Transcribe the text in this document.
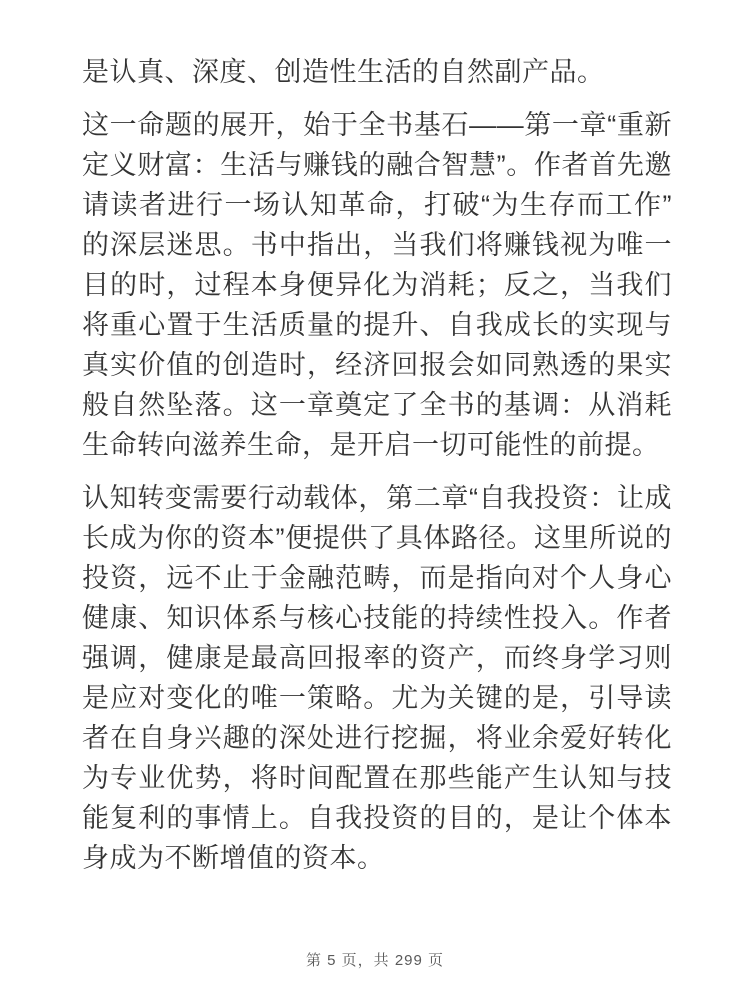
是认真、深度、创造性生活的自然副产品。

这一命题的展开，始于全书基石——第一章“重新定义财富：生活与赚钱的融合智慧”。作者首先邀请读者进行一场认知革命，打破“为生存而工作”的深层迷思。书中指出，当我们将赚钱视为唯一目的时，过程本身便异化为消耗；反之，当我们将重心置于生活质量的提升、自我成长的实现与真实价值的创造时，经济回报会如同熟透的果实般自然坠落。这一章奠定了全书的基调：从消耗生命转向滋养生命，是开启一切可能性的前提。

认知转变需要行动载体，第二章“自我投资：让成长成为你的资本”便提供了具体路径。这里所说的投资，远不止于金融范畴，而是指向对个人身心健康、知识体系与核心技能的持续性投入。作者强调，健康是最高回报率的资产，而终身学习则是应对变化的唯一策略。尤为关键的是，引导读者在自身兴趣的深处进行挖掘，将业余爱好转化为专业优势，将时间配置在那些能产生认知与技能复利的事情上。自我投资的目的，是让个体本身成为不断增值的资本。

第 5 页，共 299 页
